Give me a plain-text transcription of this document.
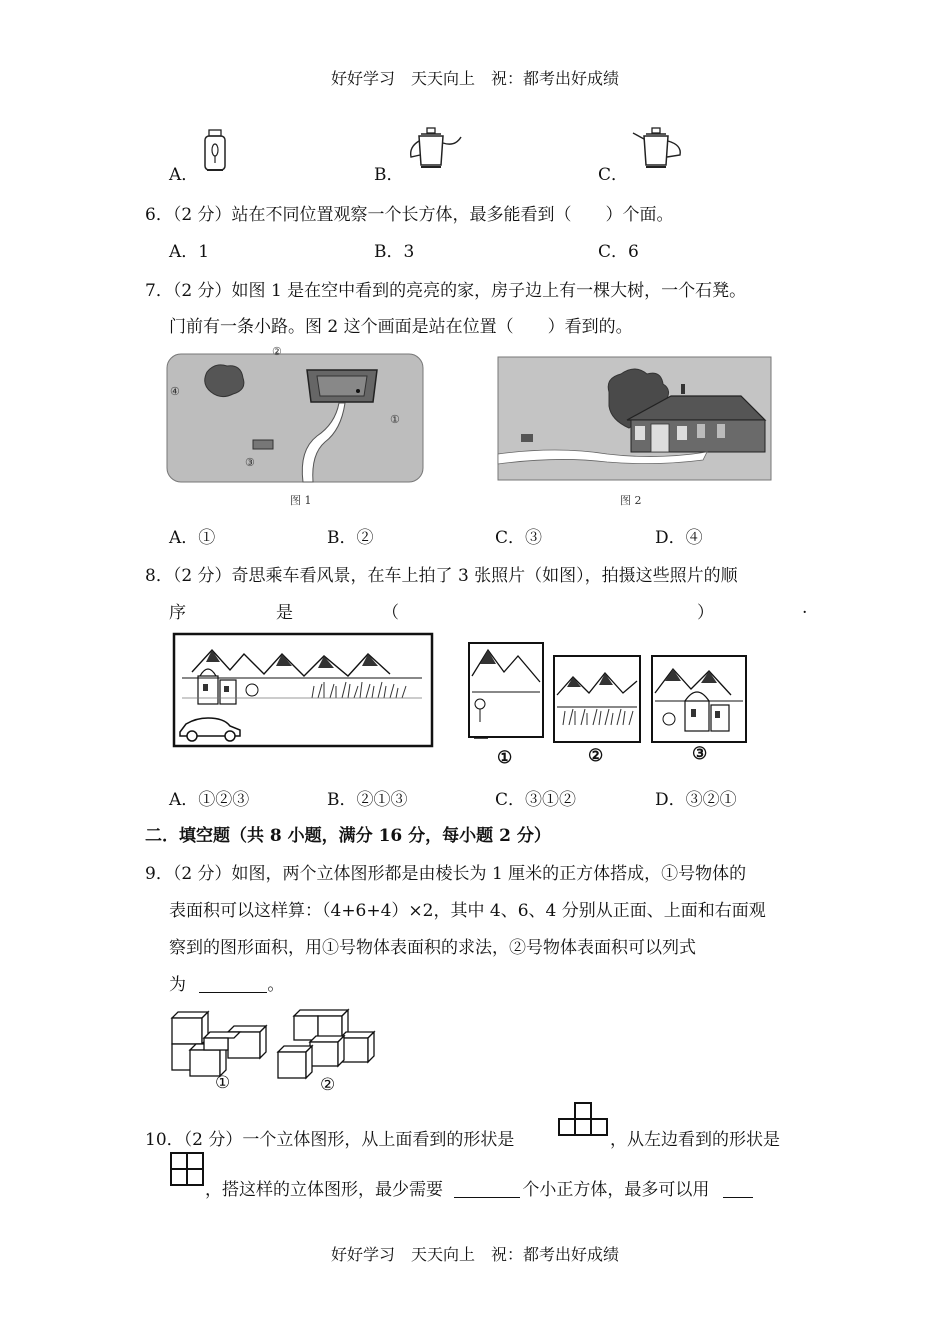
好好学习　天天向上　祝：都考出好成绩
A．	B．	C．
6．（2 分）站在不同位置观察一个长方体，最多能看到（　　）个面。
A．1	B．3	C．6
7．（2 分）如图 1 是在空中看到的亮亮的家，房子边上有一棵大树，一个石凳。
门前有一条小路。图 2 这个画面是站在位置（　　）看到的。
②
④
①
③
图 1	图 2
A．①	B．②	C．③	D．④
8．（2 分）奇思乘车看风景，在车上拍了 3 张照片（如图），拍摄这些照片的顺
序	是	（	）	.
①	②	③
A．①②③	B．②①③	C．③①②	D．③②①
二．填空题（共 8 小题，满分 16 分，每小题 2 分）
9．（2 分）如图，两个立体图形都是由棱长为 1 厘米的正方体搭成，①号物体的
表面积可以这样算：（4+6+4）×2，其中 4、6、4 分别从正面、上面和右面观
察到的图形面积，用①号物体表面积的求法，②号物体表面积可以列式
为	。
①	②
10．（2 分）一个立体图形，从上面看到的形状是	，从左边看到的形状是
，搭这样的立体图形，最少需要	个小正方体，最多可以用
好好学习　天天向上　祝：都考出好成绩
